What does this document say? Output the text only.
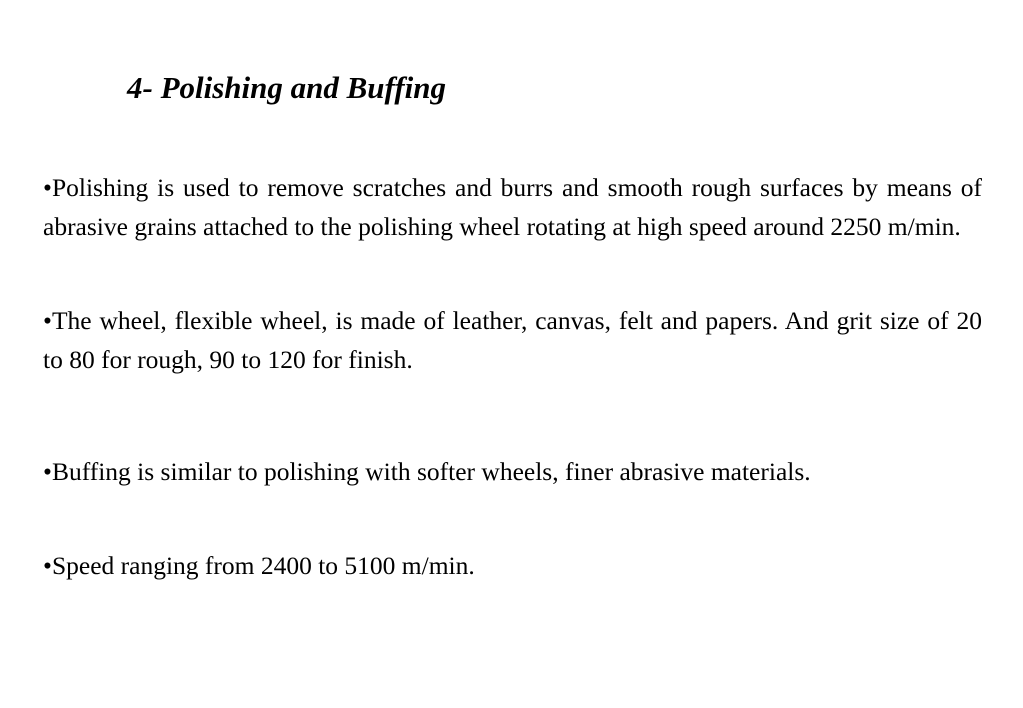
4- Polishing and Buffing

•Polishing is used to remove scratches and burrs and smooth rough surfaces by means of abrasive grains attached to the polishing wheel rotating at high speed around 2250 m/min.

•The wheel, flexible wheel, is made of leather, canvas, felt and papers. And grit size of 20 to 80 for rough, 90 to 120 for finish.

•Buffing is similar to polishing with softer wheels, finer abrasive materials.

•Speed ranging from 2400 to 5100 m/min.
